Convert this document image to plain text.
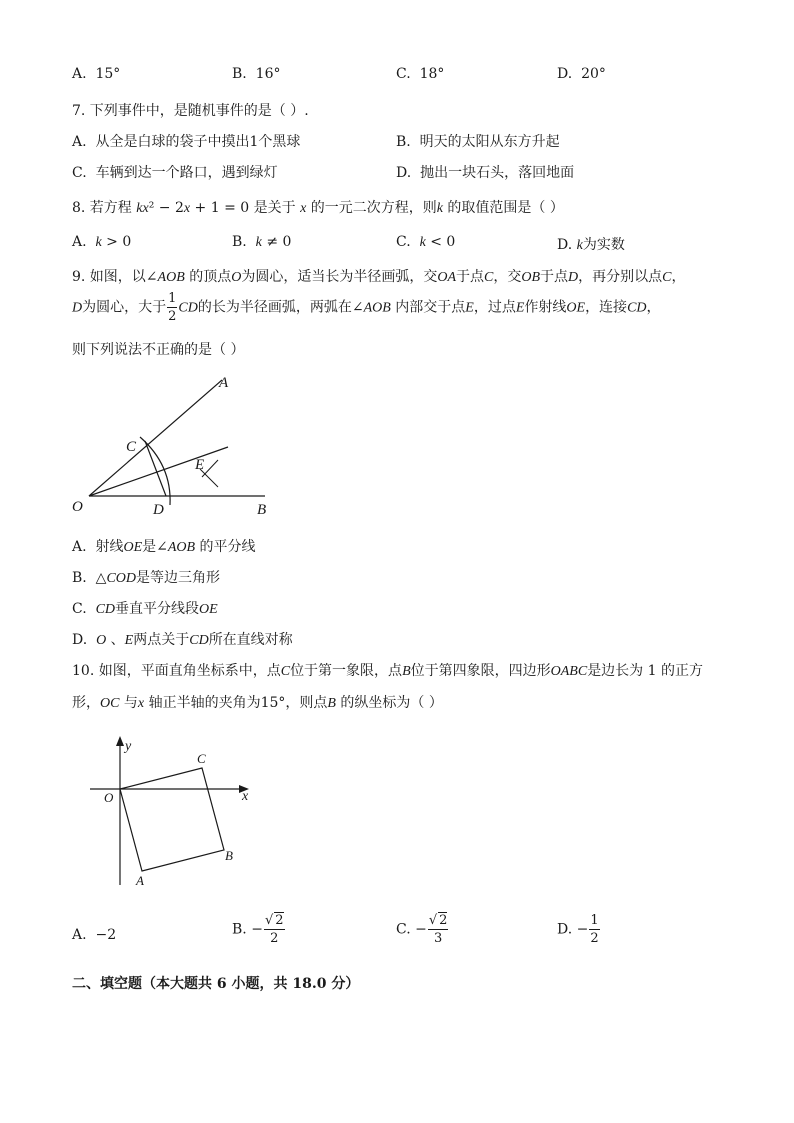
A. 15°	B. 16°	C. 18°	D. 20°
7. 下列事件中，是随机事件的是（ ）.
A. 从全是白球的袋子中摸出1个黑球	B. 明天的太阳从东方升起
C. 车辆到达一个路口，遇到绿灯	D. 抛出一块石头，落回地面
8. 若方程 kx² − 2x + 1 = 0 是关于 x 的一元二次方程，则k 的取值范围是（ ）
A. k > 0	B. k ≠ 0	C. k < 0	D. k为实数
9. 如图，以∠AOB 的顶点O为圆心，适当长为半径画弧，交OA于点C，交OB于点D，再分别以点C，
D为圆心，大于 $\frac{1}{2}$ CD的长为半径画弧，两弧在∠AOB 内部交于点E，过点E作射线OE，连接CD，
则下列说法不正确的是（ ）
A
C
E
O	D	B
A. 射线OE是∠AOB 的平分线
B. △COD是等边三角形
C. CD垂直平分线段OE
D. O 、E两点关于CD所在直线对称
10. 如图，平面直角坐标系中，点C位于第一象限，点B位于第四象限，四边形OABC是边长为 1 的正方
形，OC 与x 轴正半轴的夹角为15°，则点B 的纵坐标为（ ）
y
x
O
C
B
A
A. −2	B. − $\frac{√ 2}{2}$	C. − $\frac{√ 2}{3}$	D. − $\frac{1}{2}$
二、填空题（本大题共 6 小题，共 18.0 分）
